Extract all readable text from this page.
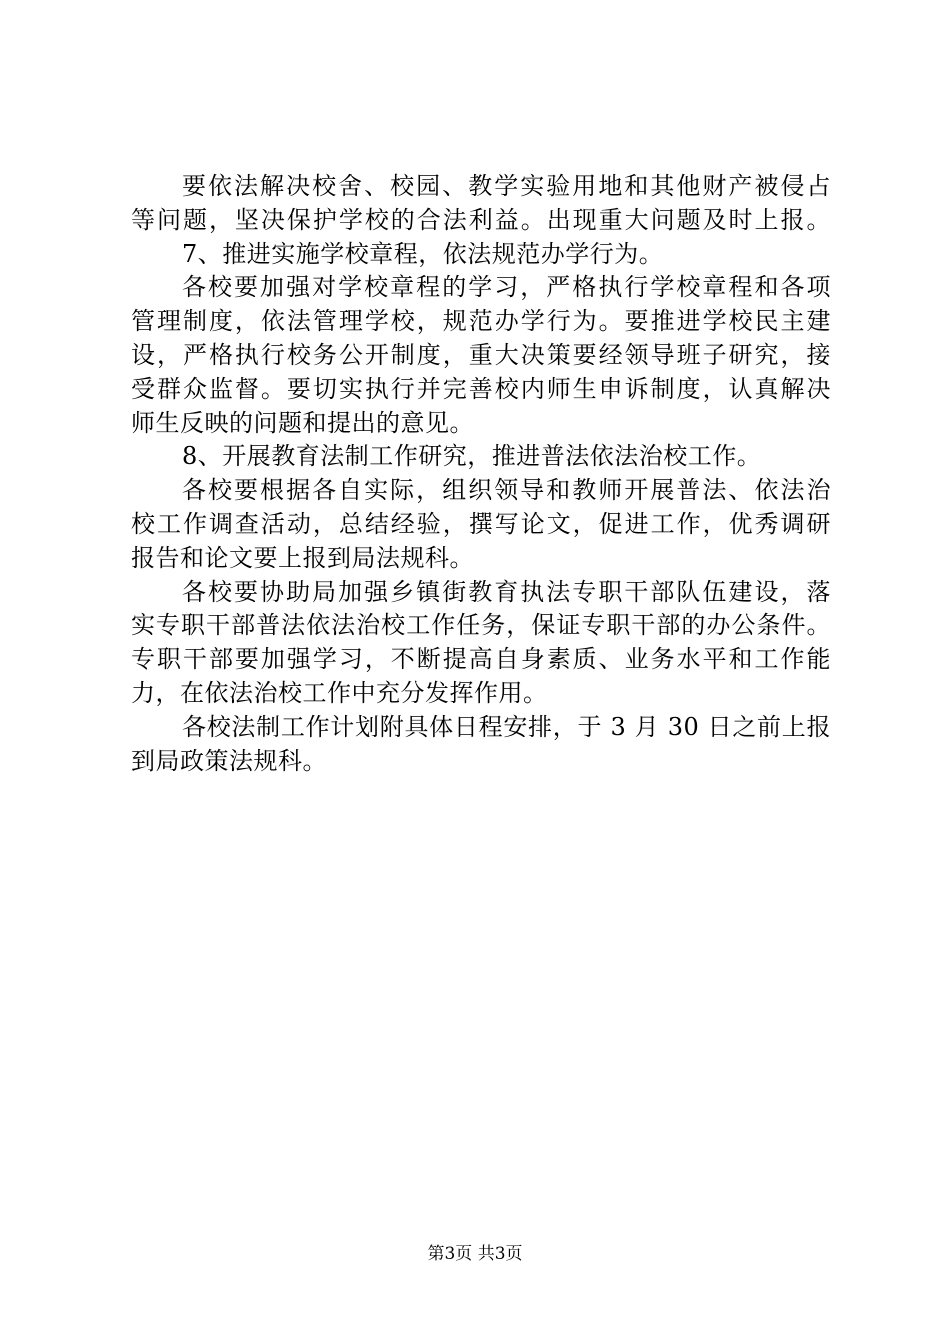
要依法解决校舍、校园、教学实验用地和其他财产被侵占
等问题，坚决保护学校的合法利益。出现重大问题及时上报。
7、推进实施学校章程，依法规范办学行为。
各校要加强对学校章程的学习，严格执行学校章程和各项
管理制度，依法管理学校，规范办学行为。要推进学校民主建
设，严格执行校务公开制度，重大决策要经领导班子研究，接
受群众监督。要切实执行并完善校内师生申诉制度，认真解决
师生反映的问题和提出的意见。
8、开展教育法制工作研究，推进普法依法治校工作。
各校要根据各自实际，组织领导和教师开展普法、依法治
校工作调查活动，总结经验，撰写论文，促进工作，优秀调研
报告和论文要上报到局法规科。
各校要协助局加强乡镇街教育执法专职干部队伍建设，落
实专职干部普法依法治校工作任务，保证专职干部的办公条件。
专职干部要加强学习，不断提高自身素质、业务水平和工作能
力，在依法治校工作中充分发挥作用。
各校法制工作计划附具体日程安排，于 3 月 30 日之前上报
到局政策法规科。
第3页 共3页
